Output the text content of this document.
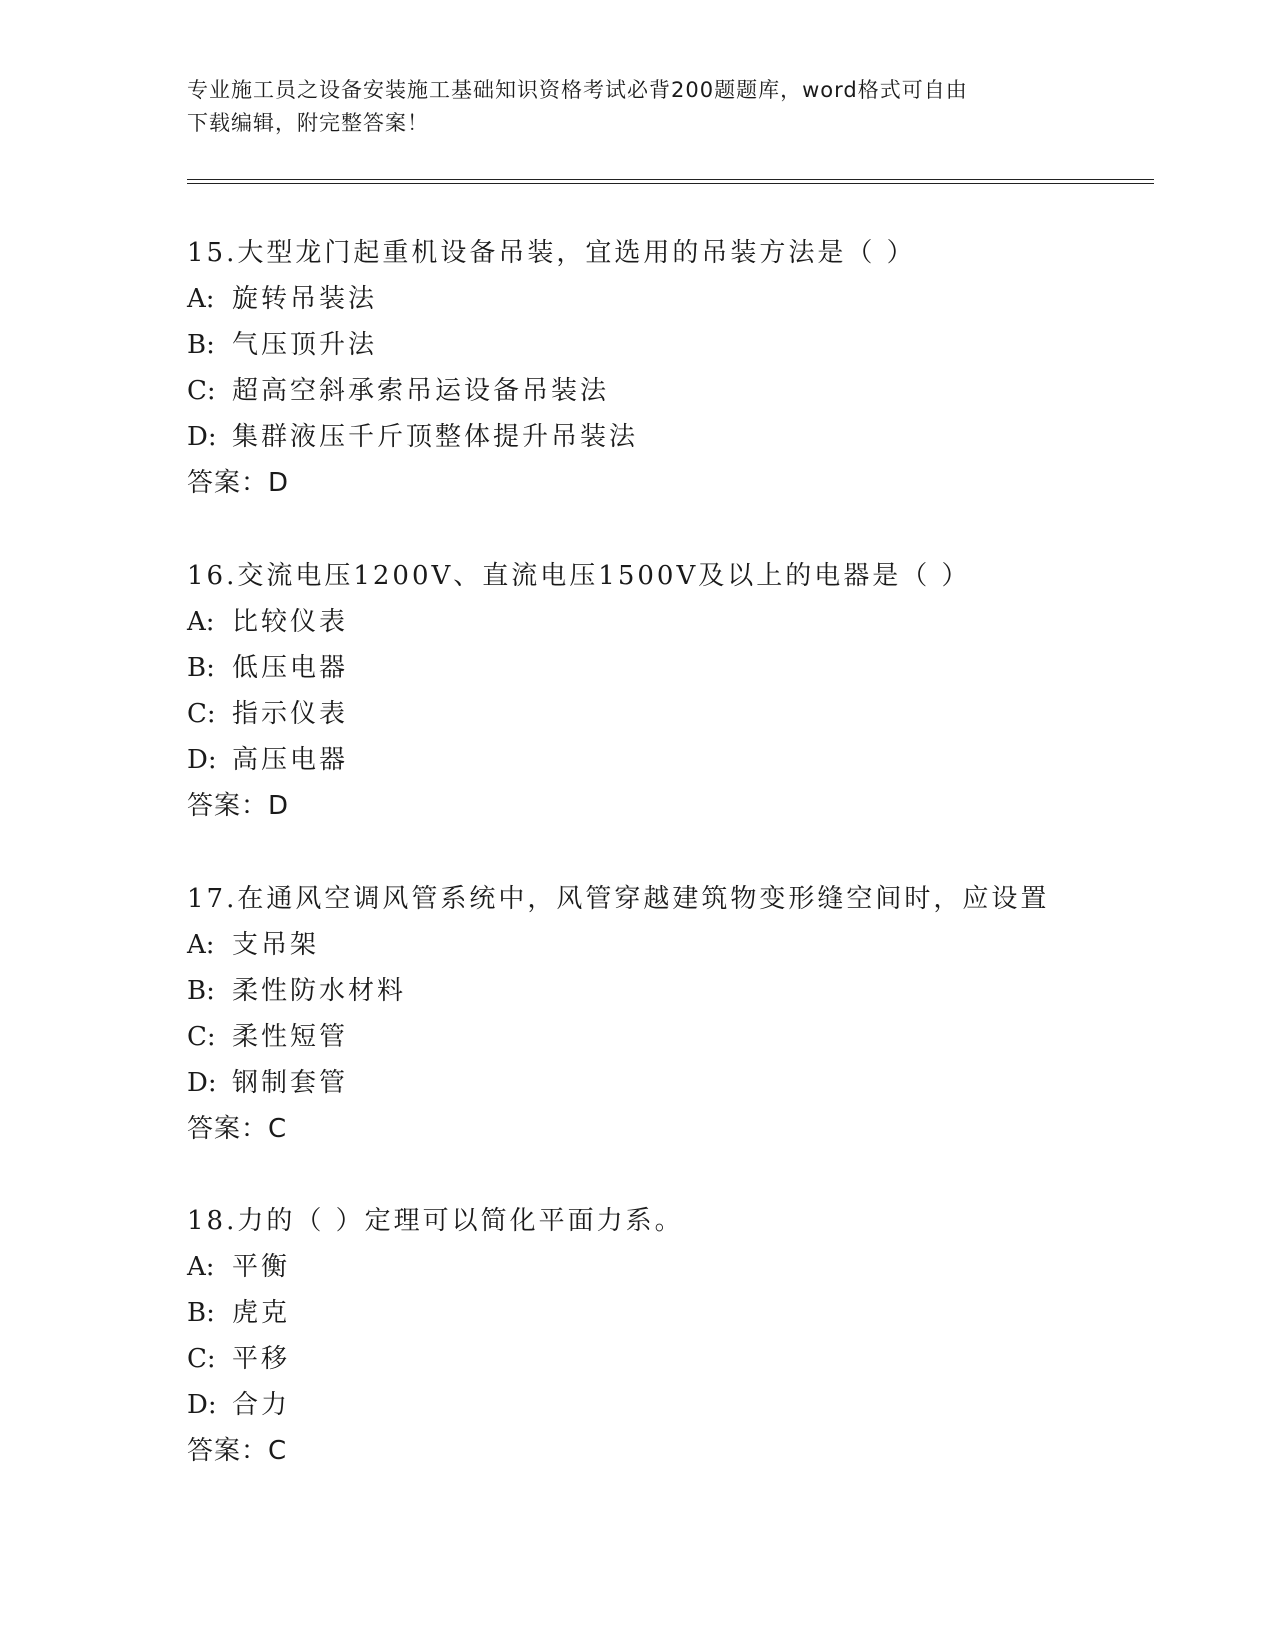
专业施工员之设备安装施工基础知识资格考试必背200题题库，word格式可自由
下载编辑，附完整答案！
15.大型龙门起重机设备吊装，宜选用的吊装方法是（ ）
A: 旋转吊装法
B: 气压顶升法
C: 超高空斜承索吊运设备吊装法
D: 集群液压千斤顶整体提升吊装法
答案：D
16.交流电压1200V、直流电压1500V及以上的电器是（ ）
A: 比较仪表
B: 低压电器
C: 指示仪表
D: 高压电器
答案：D
17.在通风空调风管系统中，风管穿越建筑物变形缝空间时，应设置
A: 支吊架
B: 柔性防水材料
C: 柔性短管
D: 钢制套管
答案：C
18.力的（ ）定理可以简化平面力系。
A: 平衡
B: 虎克
C: 平移
D: 合力
答案：C
